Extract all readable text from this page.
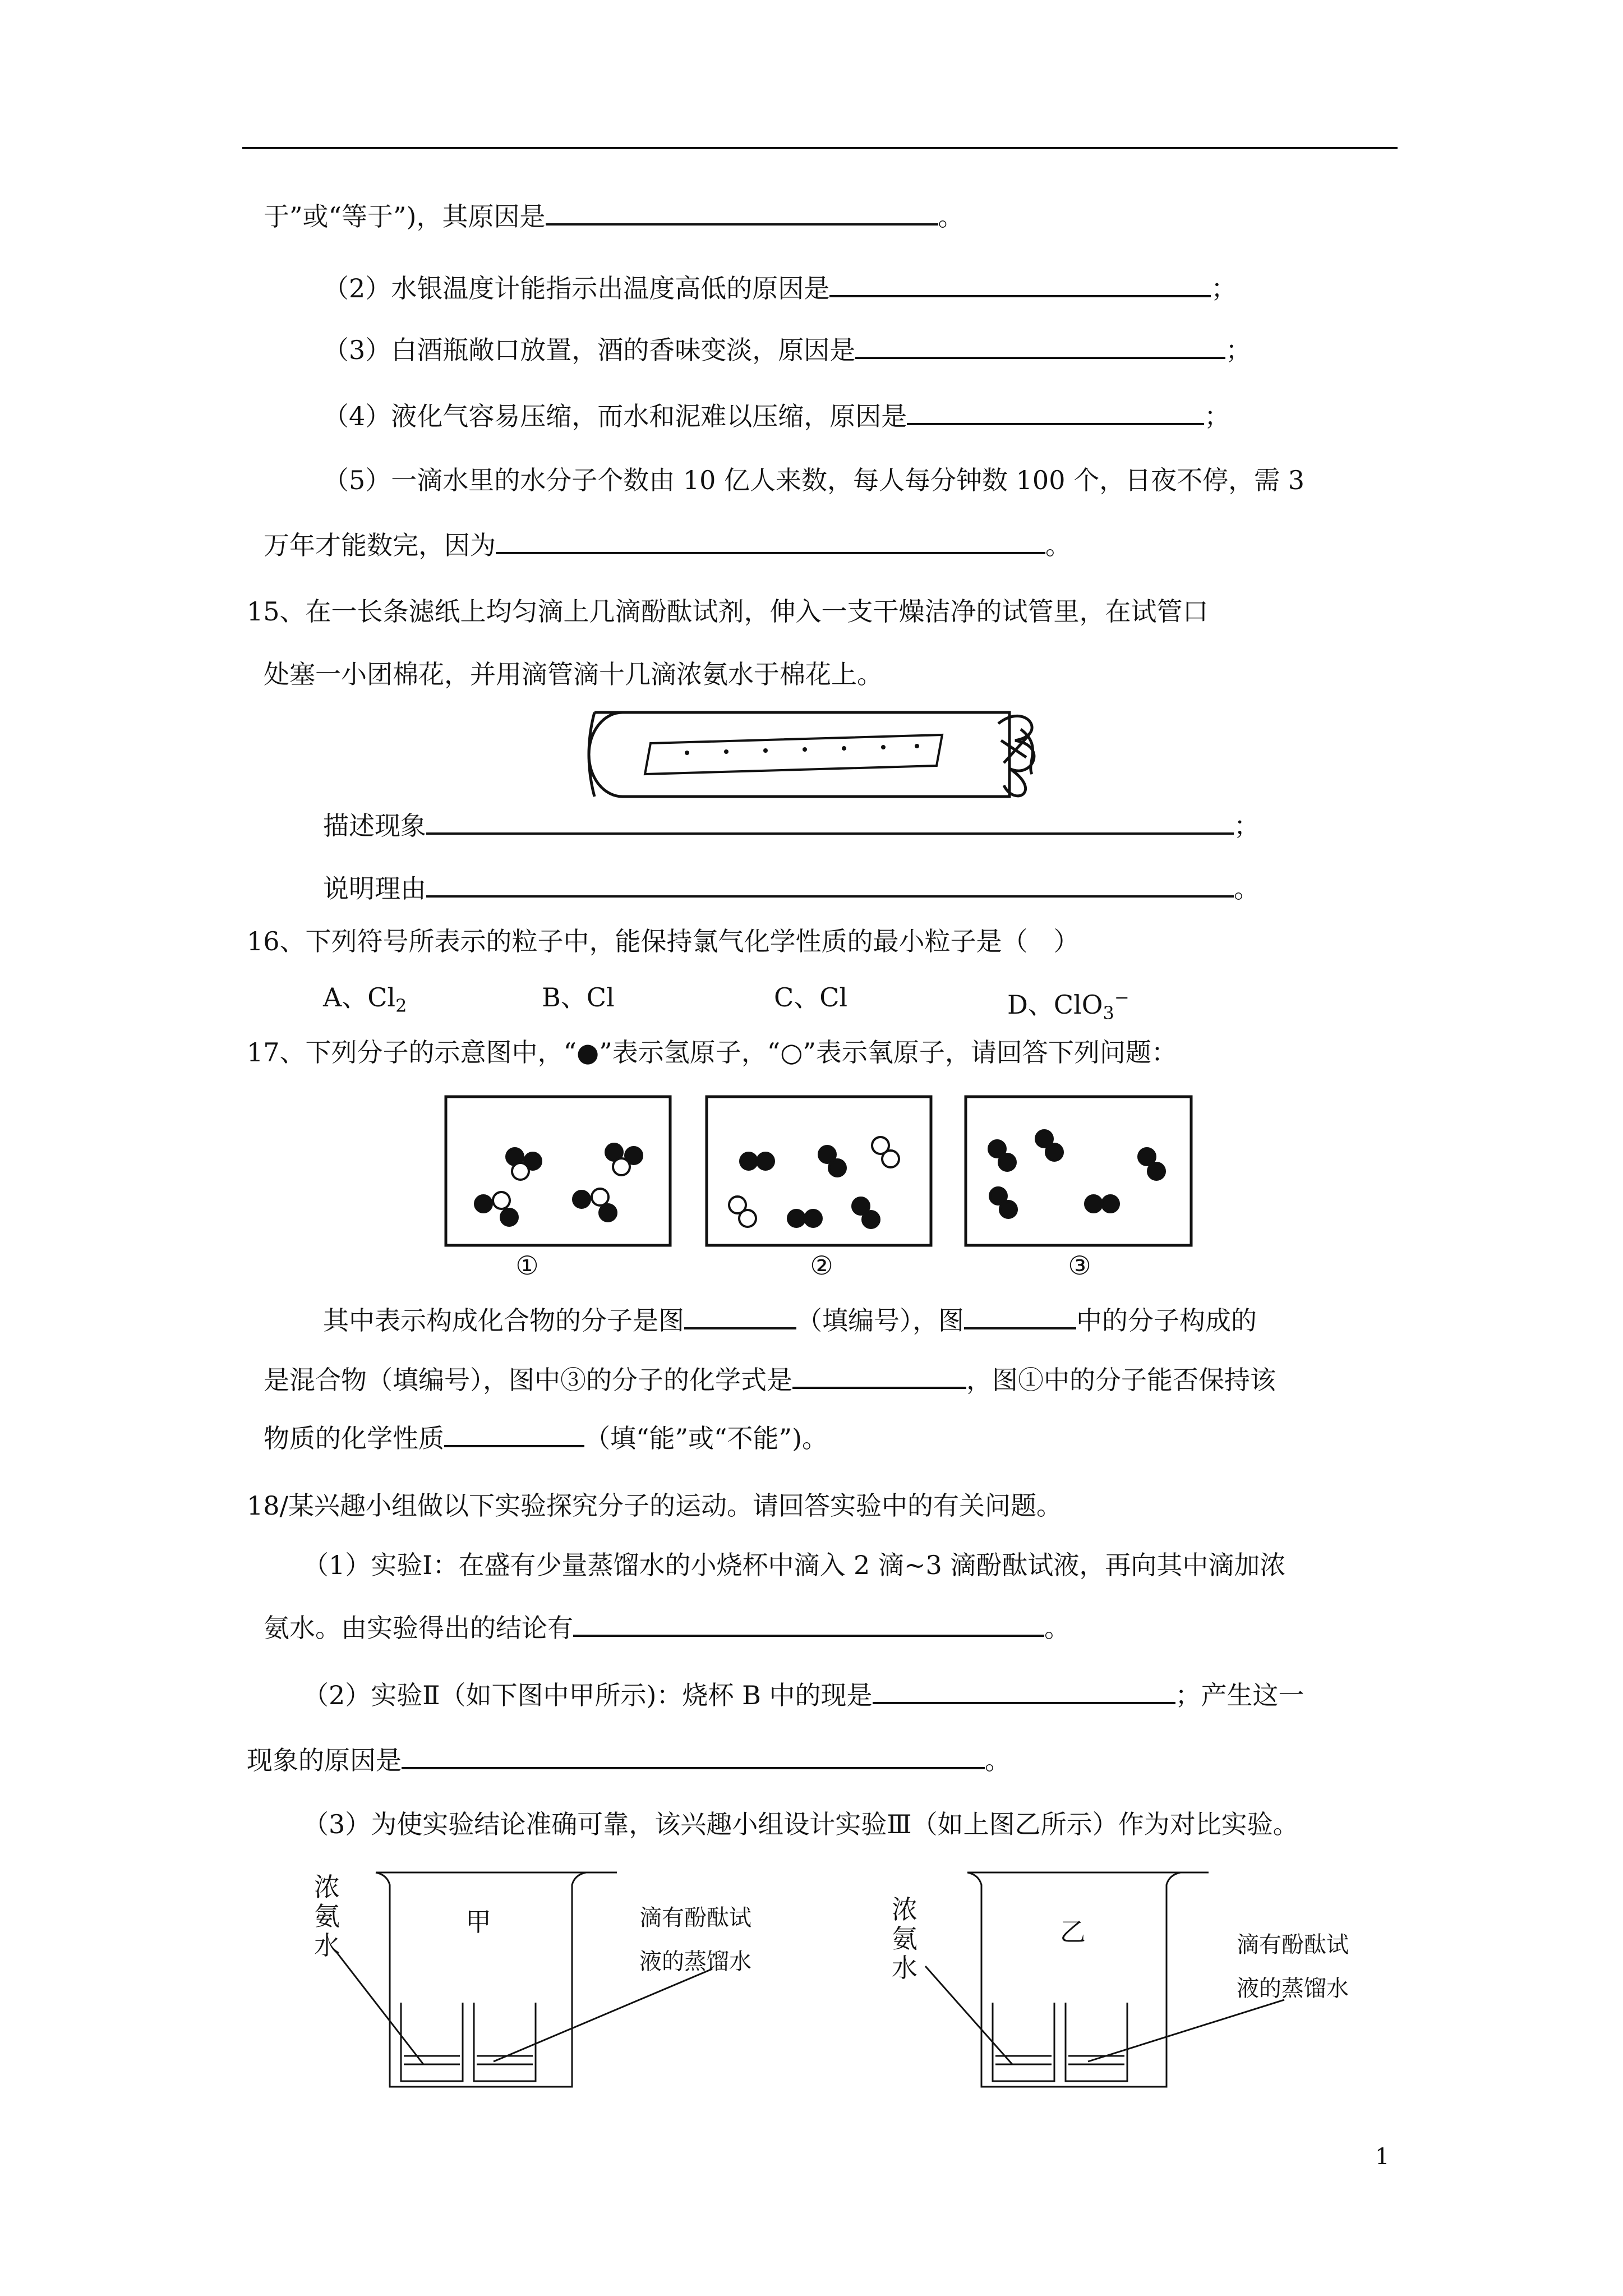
于”或“等于”)，其原因是	。
（2）水银温度计能指示出温度高低的原因是	；
（3）白酒瓶敞口放置，酒的香味变淡，原因是	；
（4）液化气容易压缩，而水和泥难以压缩，原因是	；
（5）一滴水里的水分子个数由 10 亿人来数，每人每分钟数 100 个，日夜不停，需 3
万年才能数完，因为	。
15、在一长条滤纸上均匀滴上几滴酚酞试剂，伸入一支干燥洁净的试管里，在试管口
处塞一小团棉花，并用滴管滴十几滴浓氨水于棉花上。
描述现象	；
说明理由	。
16、下列符号所表示的粒子中，能保持氯气化学性质的最小粒子是（　）
A、$Cl_2$	B、Cl	C、Cl	D、ClO$_3$−
17、下列分子的示意图中，“●”表示氢原子，“○”表示氧原子，请回答下列问题：
①	②	③
其中表示构成化合物的分子是图	（填编号），图	中的分子构成的
是混合物（填编号），图中③的分子的化学式是	，图①中的分子能否保持该
物质的化学性质	（填“能”或“不能”)。
18/某兴趣小组做以下实验探究分子的运动。请回答实验中的有关问题。
（1）实验Ⅰ：在盛有少量蒸馏水的小烧杯中滴入 2 滴~3 滴酚酞试液，再向其中滴加浓
氨水。由实验得出的结论有	。
（2）实验Ⅱ（如下图中甲所示)：烧杯 B 中的现是	；产生这一
现象的原因是	。
（3）为使实验结论准确可靠，该兴趣小组设计实验Ⅲ（如上图乙所示）作为对比实验。
浓
氨
水
甲	浓
氨
水
乙
滴有酚酞试
液的蒸馏水
滴有酚酞试
液的蒸馏水
1
